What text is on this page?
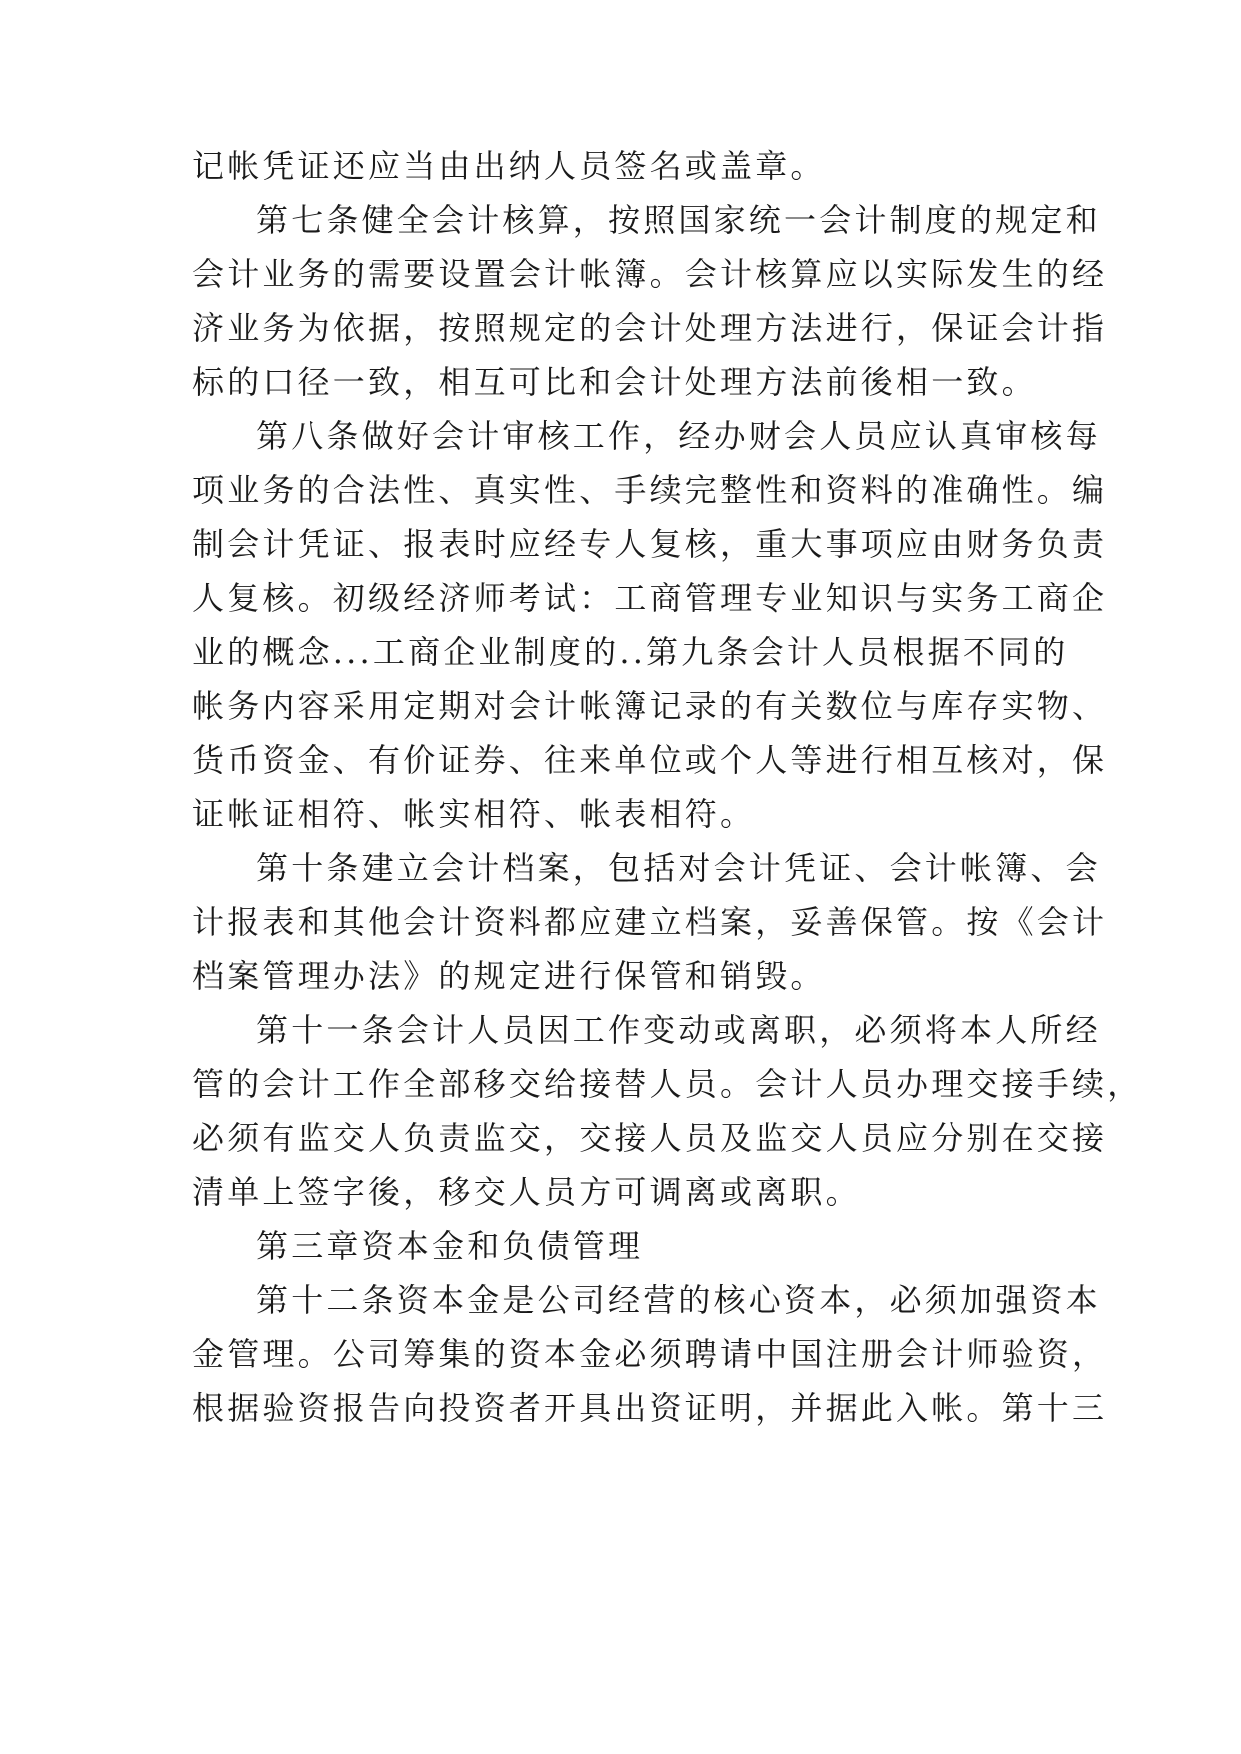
记帐凭证还应当由出纳人员签名或盖章。
第七条健全会计核算，按照国家统一会计制度的规定和
会计业务的需要设置会计帐簿。会计核算应以实际发生的经
济业务为依据，按照规定的会计处理方法进行，保证会计指
标的口径一致，相互可比和会计处理方法前後相一致。
第八条做好会计审核工作，经办财会人员应认真审核每
项业务的合法性、真实性、手续完整性和资料的准确性。编
制会计凭证、报表时应经专人复核，重大事项应由财务负责
人复核。初级经济师考试：工商管理专业知识与实务工商企
业的概念...工商企业制度的..第九条会计人员根据不同的
帐务内容采用定期对会计帐簿记录的有关数位与库存实物、
货币资金、有价证券、往来单位或个人等进行相互核对，保
证帐证相符、帐实相符、帐表相符。
第十条建立会计档案，包括对会计凭证、会计帐簿、会
计报表和其他会计资料都应建立档案，妥善保管。按《会计
档案管理办法》的规定进行保管和销毁。
第十一条会计人员因工作变动或离职，必须将本人所经
管的会计工作全部移交给接替人员。会计人员办理交接手续，
必须有监交人负责监交，交接人员及监交人员应分别在交接
清单上签字後，移交人员方可调离或离职。
第三章资本金和负债管理
第十二条资本金是公司经营的核心资本，必须加强资本
金管理。公司筹集的资本金必须聘请中国注册会计师验资，
根据验资报告向投资者开具出资证明，并据此入帐。第十三
